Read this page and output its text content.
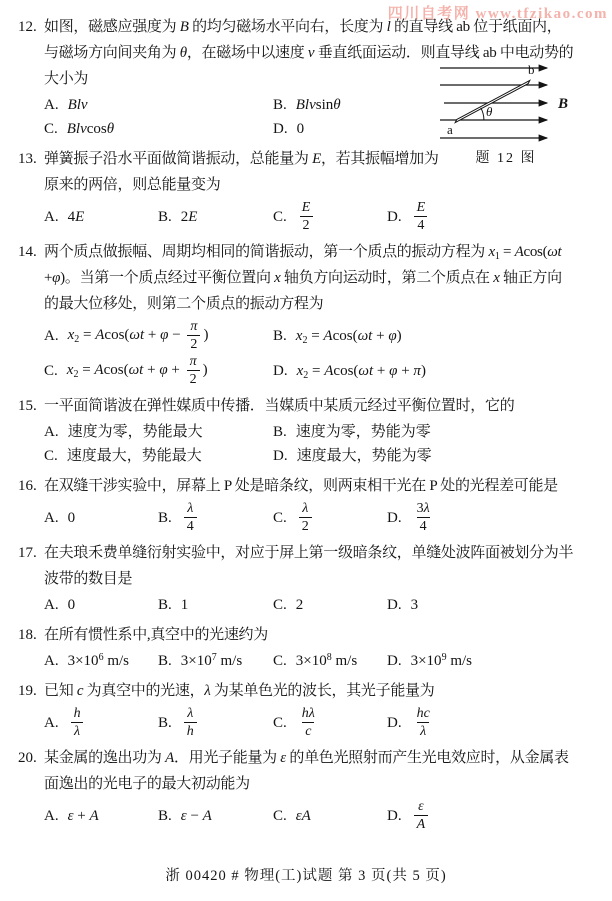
四川自考网 www.tfzikao.com
12. 如图，磁感应强度为 B 的均匀磁场水平向右，长度为 l 的直导线 ab 位于纸面内，
与磁场方向间夹角为 θ，在磁场中以速度 v 垂直纸面运动．则直导线 ab 中电动势的
大小为
A. Blv	B. Blvsinθ
C. Blvcosθ	D. 0
13. 弹簧振子沿水平面做简谐振动，总能量为 E，若其振幅增加为
原来的两倍，则总能量变为
A. 4E	B. 2E	C. $\frac{E}{2}$	D. $\frac{E}{4}$
14. 两个质点做振幅、周期均相同的简谐振动，第一个质点的振动方程为 $x_1 = Acos(\omega t$
+φ)。当第一个质点经过平衡位置向 x 轴负方向运动时，第二个质点在 x 轴正方向
的最大位移处，则第二个质点的振动方程为
A. $x_2 = Acos(\omega t + \varphi - \frac{\pi}{2}$ )	B. $x_2 = Acos(\omega t + \varphi)$
C. $x_2 = Acos(\omega t + \varphi + \frac{\pi}{2}$ )	D. $x_2 = Acos(\omega t + \varphi + \pi)$
15. 一平面简谐波在弹性媒质中传播．当媒质中某质元经过平衡位置时，它的
A. 速度为零，势能最大	B. 速度为零，势能为零
C. 速度最大，势能最大	D. 速度最大，势能为零
16. 在双缝干涉实验中，屏幕上 P 处是暗条纹，则两束相干光在 P 处的光程差可能是
A. 0	B. $\frac{\lambda}{4}$	C. $\frac{\lambda}{2}$	D. $\frac{3\lambda}{4}$
17. 在夫琅禾费单缝衍射实验中，对应于屏上第一级暗条纹，单缝处波阵面被划分为半
波带的数目是
A. 0	B. 1	C. 2	D. 3
18. 在所有惯性系中,真空中的光速约为
A. $3\times 10^6$ m/s B. $3\times 10^7$ m/s C. $3\times 10^8$ m/s D. $3\times 10^9$ m/s
19. 已知 c 为真空中的光速，λ 为某单色光的波长，其光子能量为
A. $\frac{h}{\lambda}$	B. $\frac{\lambda}{h}$	C. $\frac{h\lambda}{c}$	D. $\frac{hc}{\lambda}$
20. 某金属的逸出功为 A．用光子能量为 ε 的单色光照射而产生光电效应时，从金属表
面逸出的光电子的最大初动能为
A. ε + A	B. ε − A	C. εA	D. $\frac{\varepsilon}{A}$
a
b
B
θ
题 12 图
浙 00420 # 物理(工)试题 第 3 页(共 5 页)
